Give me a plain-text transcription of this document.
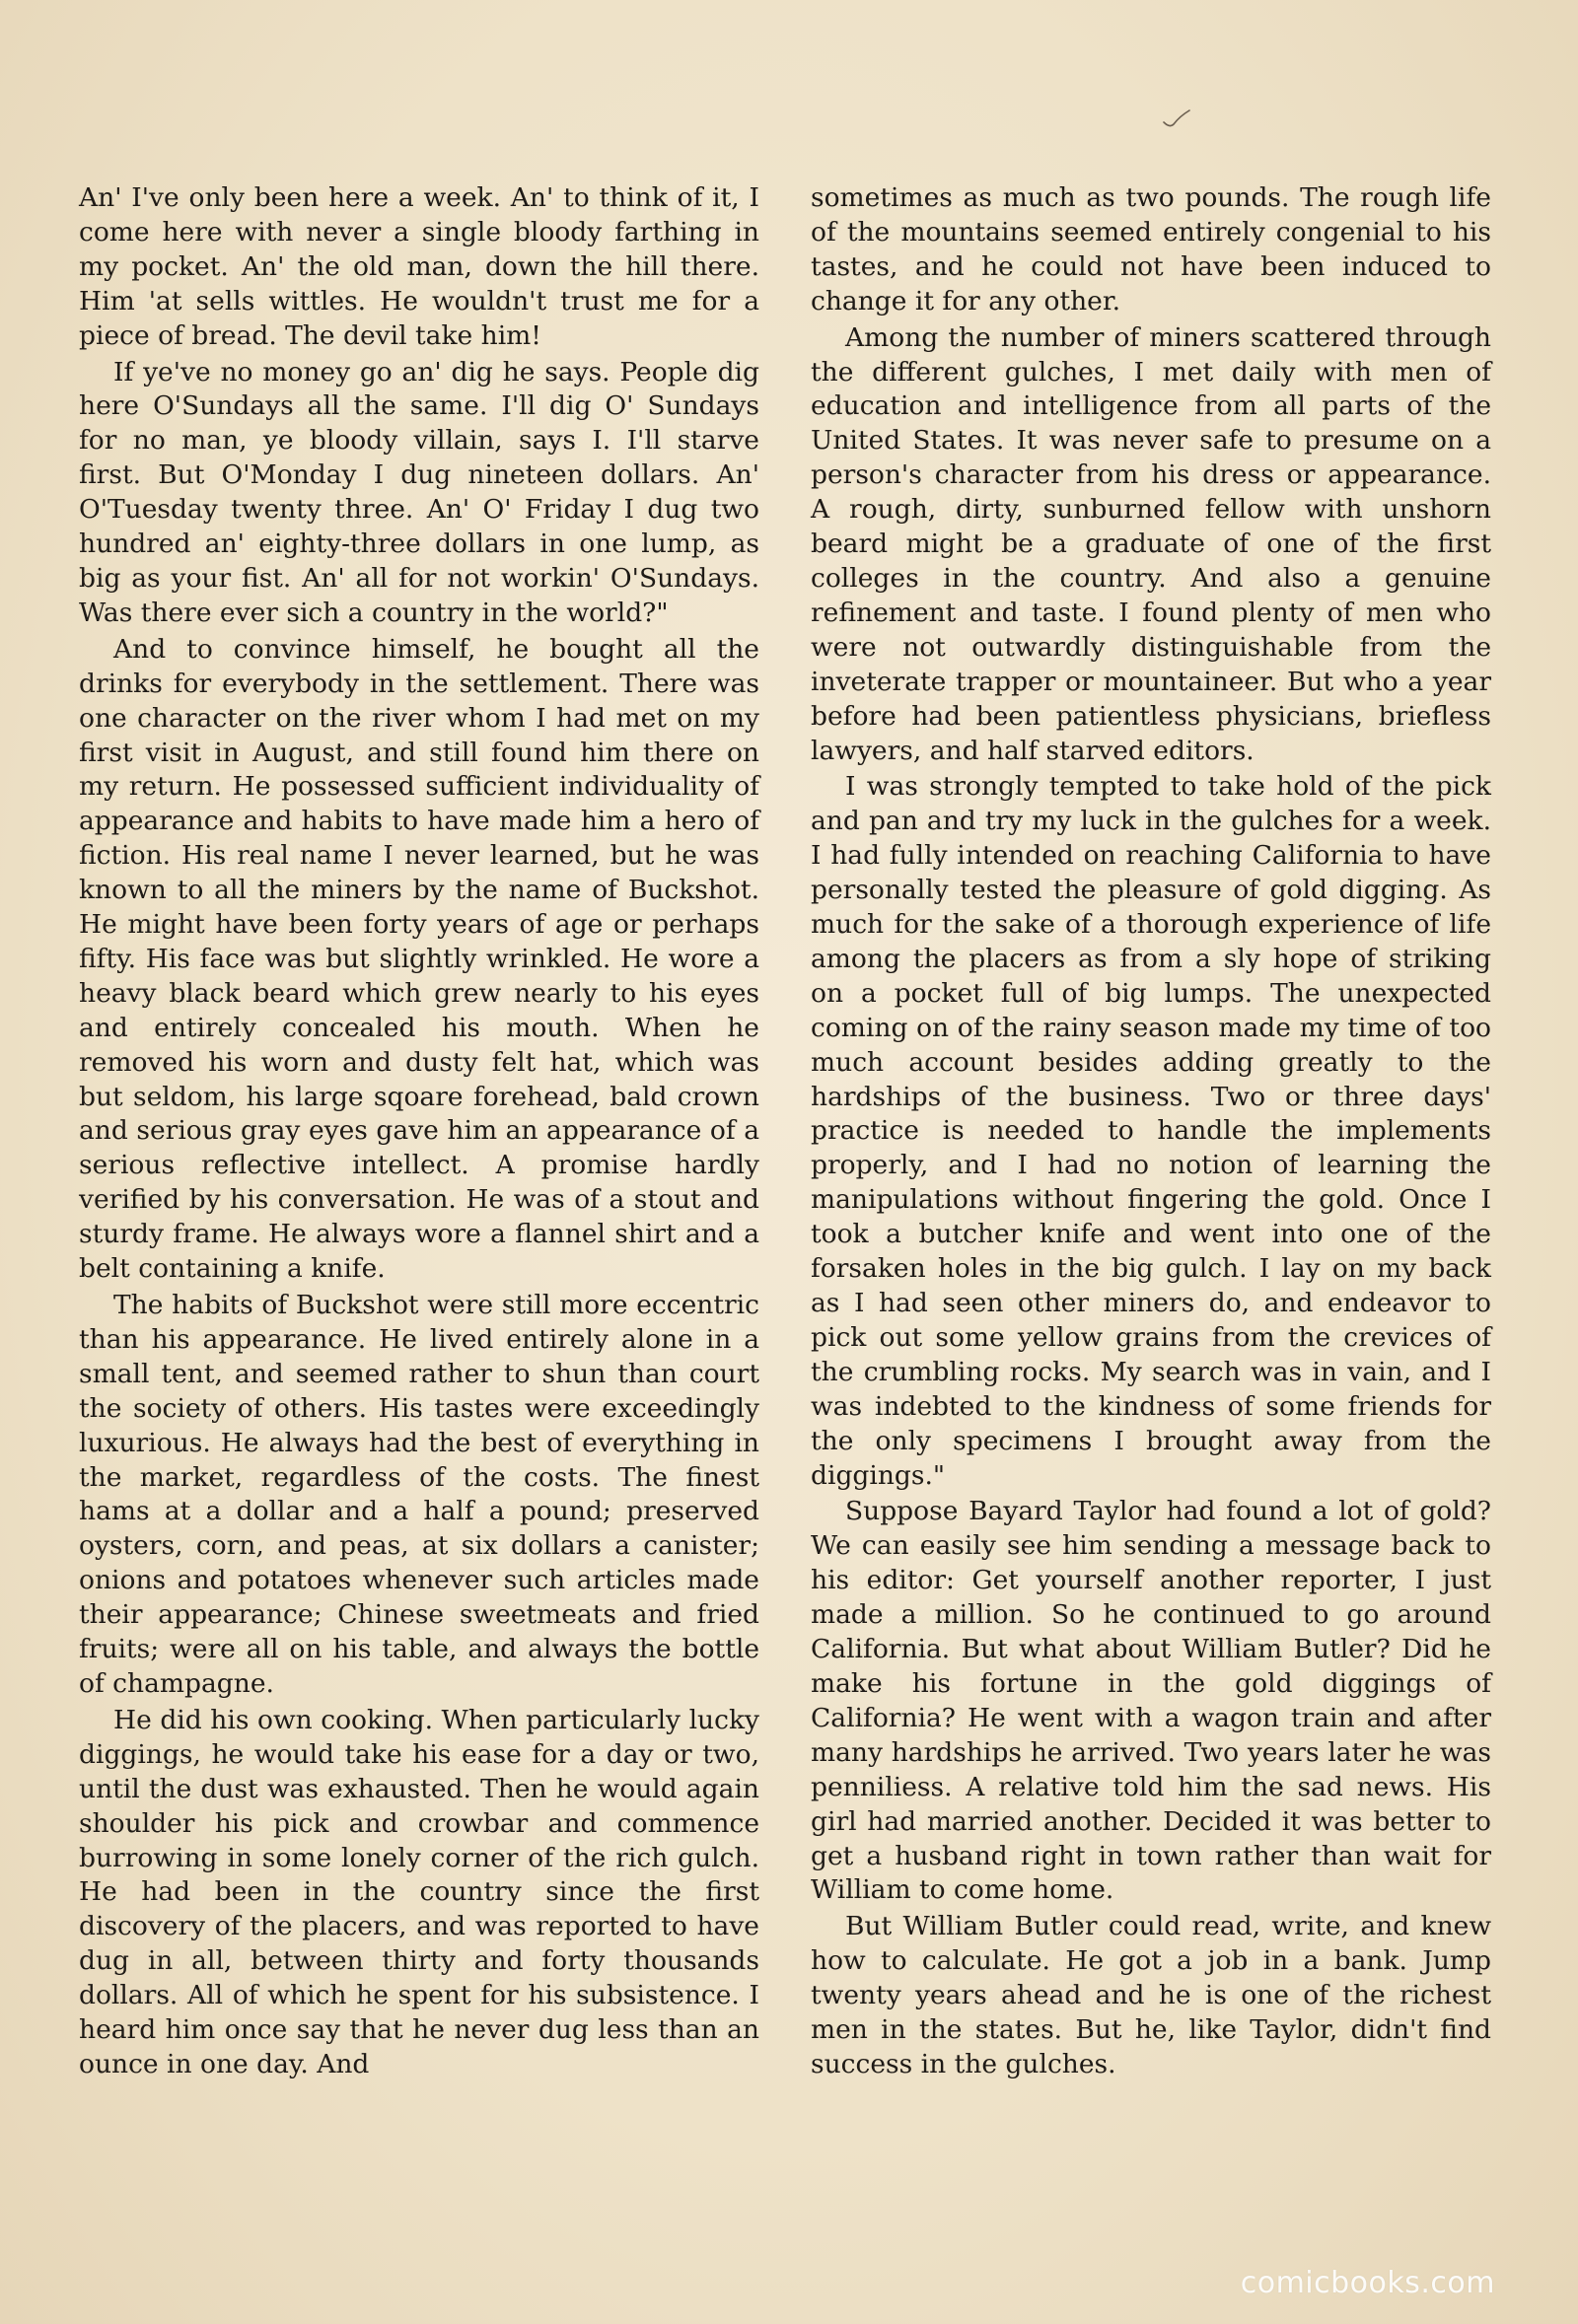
An' I've only been here a week. An' to think of it, I come here with never a single bloody farthing in my pocket. An' the old man, down the hill there. Him 'at sells wittles. He wouldn't trust me for a piece of bread. The devil take him!

If ye've no money go an' dig he says. People dig here O'Sundays all the same. I'll dig O' Sundays for no man, ye bloody villain, says I. I'll starve first. But O'Monday I dug nineteen dollars. An' O'Tuesday twenty three. An' O' Friday I dug two hundred an' eighty-three dollars in one lump, as big as your fist. An' all for not workin' O'Sundays. Was there ever sich a country in the world?"

And to convince himself, he bought all the drinks for everybody in the settlement. There was one character on the river whom I had met on my first visit in August, and still found him there on my return. He possessed sufficient individuality of appearance and habits to have made him a hero of fiction. His real name I never learned, but he was known to all the miners by the name of Buckshot. He might have been forty years of age or perhaps fifty. His face was but slightly wrinkled. He wore a heavy black beard which grew nearly to his eyes and entirely concealed his mouth. When he removed his worn and dusty felt hat, which was but seldom, his large sqoare forehead, bald crown and serious gray eyes gave him an appearance of a serious reflective intellect. A promise hardly verified by his conversation. He was of a stout and sturdy frame. He always wore a flannel shirt and a belt containing a knife.

The habits of Buckshot were still more eccentric than his appearance. He lived entirely alone in a small tent, and seemed rather to shun than court the society of others. His tastes were exceedingly luxurious. He always had the best of everything in the market, regardless of the costs. The finest hams at a dollar and a half a pound; preserved oysters, corn, and peas, at six dollars a canister; onions and potatoes whenever such articles made their appearance; Chinese sweetmeats and fried fruits; were all on his table, and always the bottle of champagne.

He did his own cooking. When particularly lucky diggings, he would take his ease for a day or two, until the dust was exhausted. Then he would again shoulder his pick and crowbar and commence burrowing in some lonely corner of the rich gulch. He had been in the country since the first discovery of the placers, and was reported to have dug in all, between thirty and forty thousands dollars. All of which he spent for his subsistence. I heard him once say that he never dug less than an ounce in one day. And

sometimes as much as two pounds. The rough life of the mountains seemed entirely congenial to his tastes, and he could not have been induced to change it for any other.

Among the number of miners scattered through the different gulches, I met daily with men of education and intelligence from all parts of the United States. It was never safe to presume on a person's character from his dress or appearance. A rough, dirty, sunburned fellow with unshorn beard might be a graduate of one of the first colleges in the country. And also a genuine refinement and taste. I found plenty of men who were not outwardly distinguishable from the inveterate trapper or mountaineer. But who a year before had been patientless physicians, briefless lawyers, and half starved editors.

I was strongly tempted to take hold of the pick and pan and try my luck in the gulches for a week. I had fully intended on reaching California to have personally tested the pleasure of gold digging. As much for the sake of a thorough experience of life among the placers as from a sly hope of striking on a pocket full of big lumps. The unexpected coming on of the rainy season made my time of too much account besides adding greatly to the hardships of the business. Two or three days' practice is needed to handle the implements properly, and I had no notion of learning the manipulations without fingering the gold. Once I took a butcher knife and went into one of the forsaken holes in the big gulch. I lay on my back as I had seen other miners do, and endeavor to pick out some yellow grains from the crevices of the crumbling rocks. My search was in vain, and I was indebted to the kindness of some friends for the only specimens I brought away from the diggings."

Suppose Bayard Taylor had found a lot of gold? We can easily see him sending a message back to his editor: Get yourself another reporter, I just made a million. So he continued to go around California. But what about William Butler? Did he make his fortune in the gold diggings of California? He went with a wagon train and after many hardships he arrived. Two years later he was penniliess. A relative told him the sad news. His girl had married another. Decided it was better to get a husband right in town rather than wait for William to come home.

But William Butler could read, write, and knew how to calculate. He got a job in a bank. Jump twenty years ahead and he is one of the richest men in the states. But he, like Taylor, didn't find success in the gulches.

comicbooks.com
